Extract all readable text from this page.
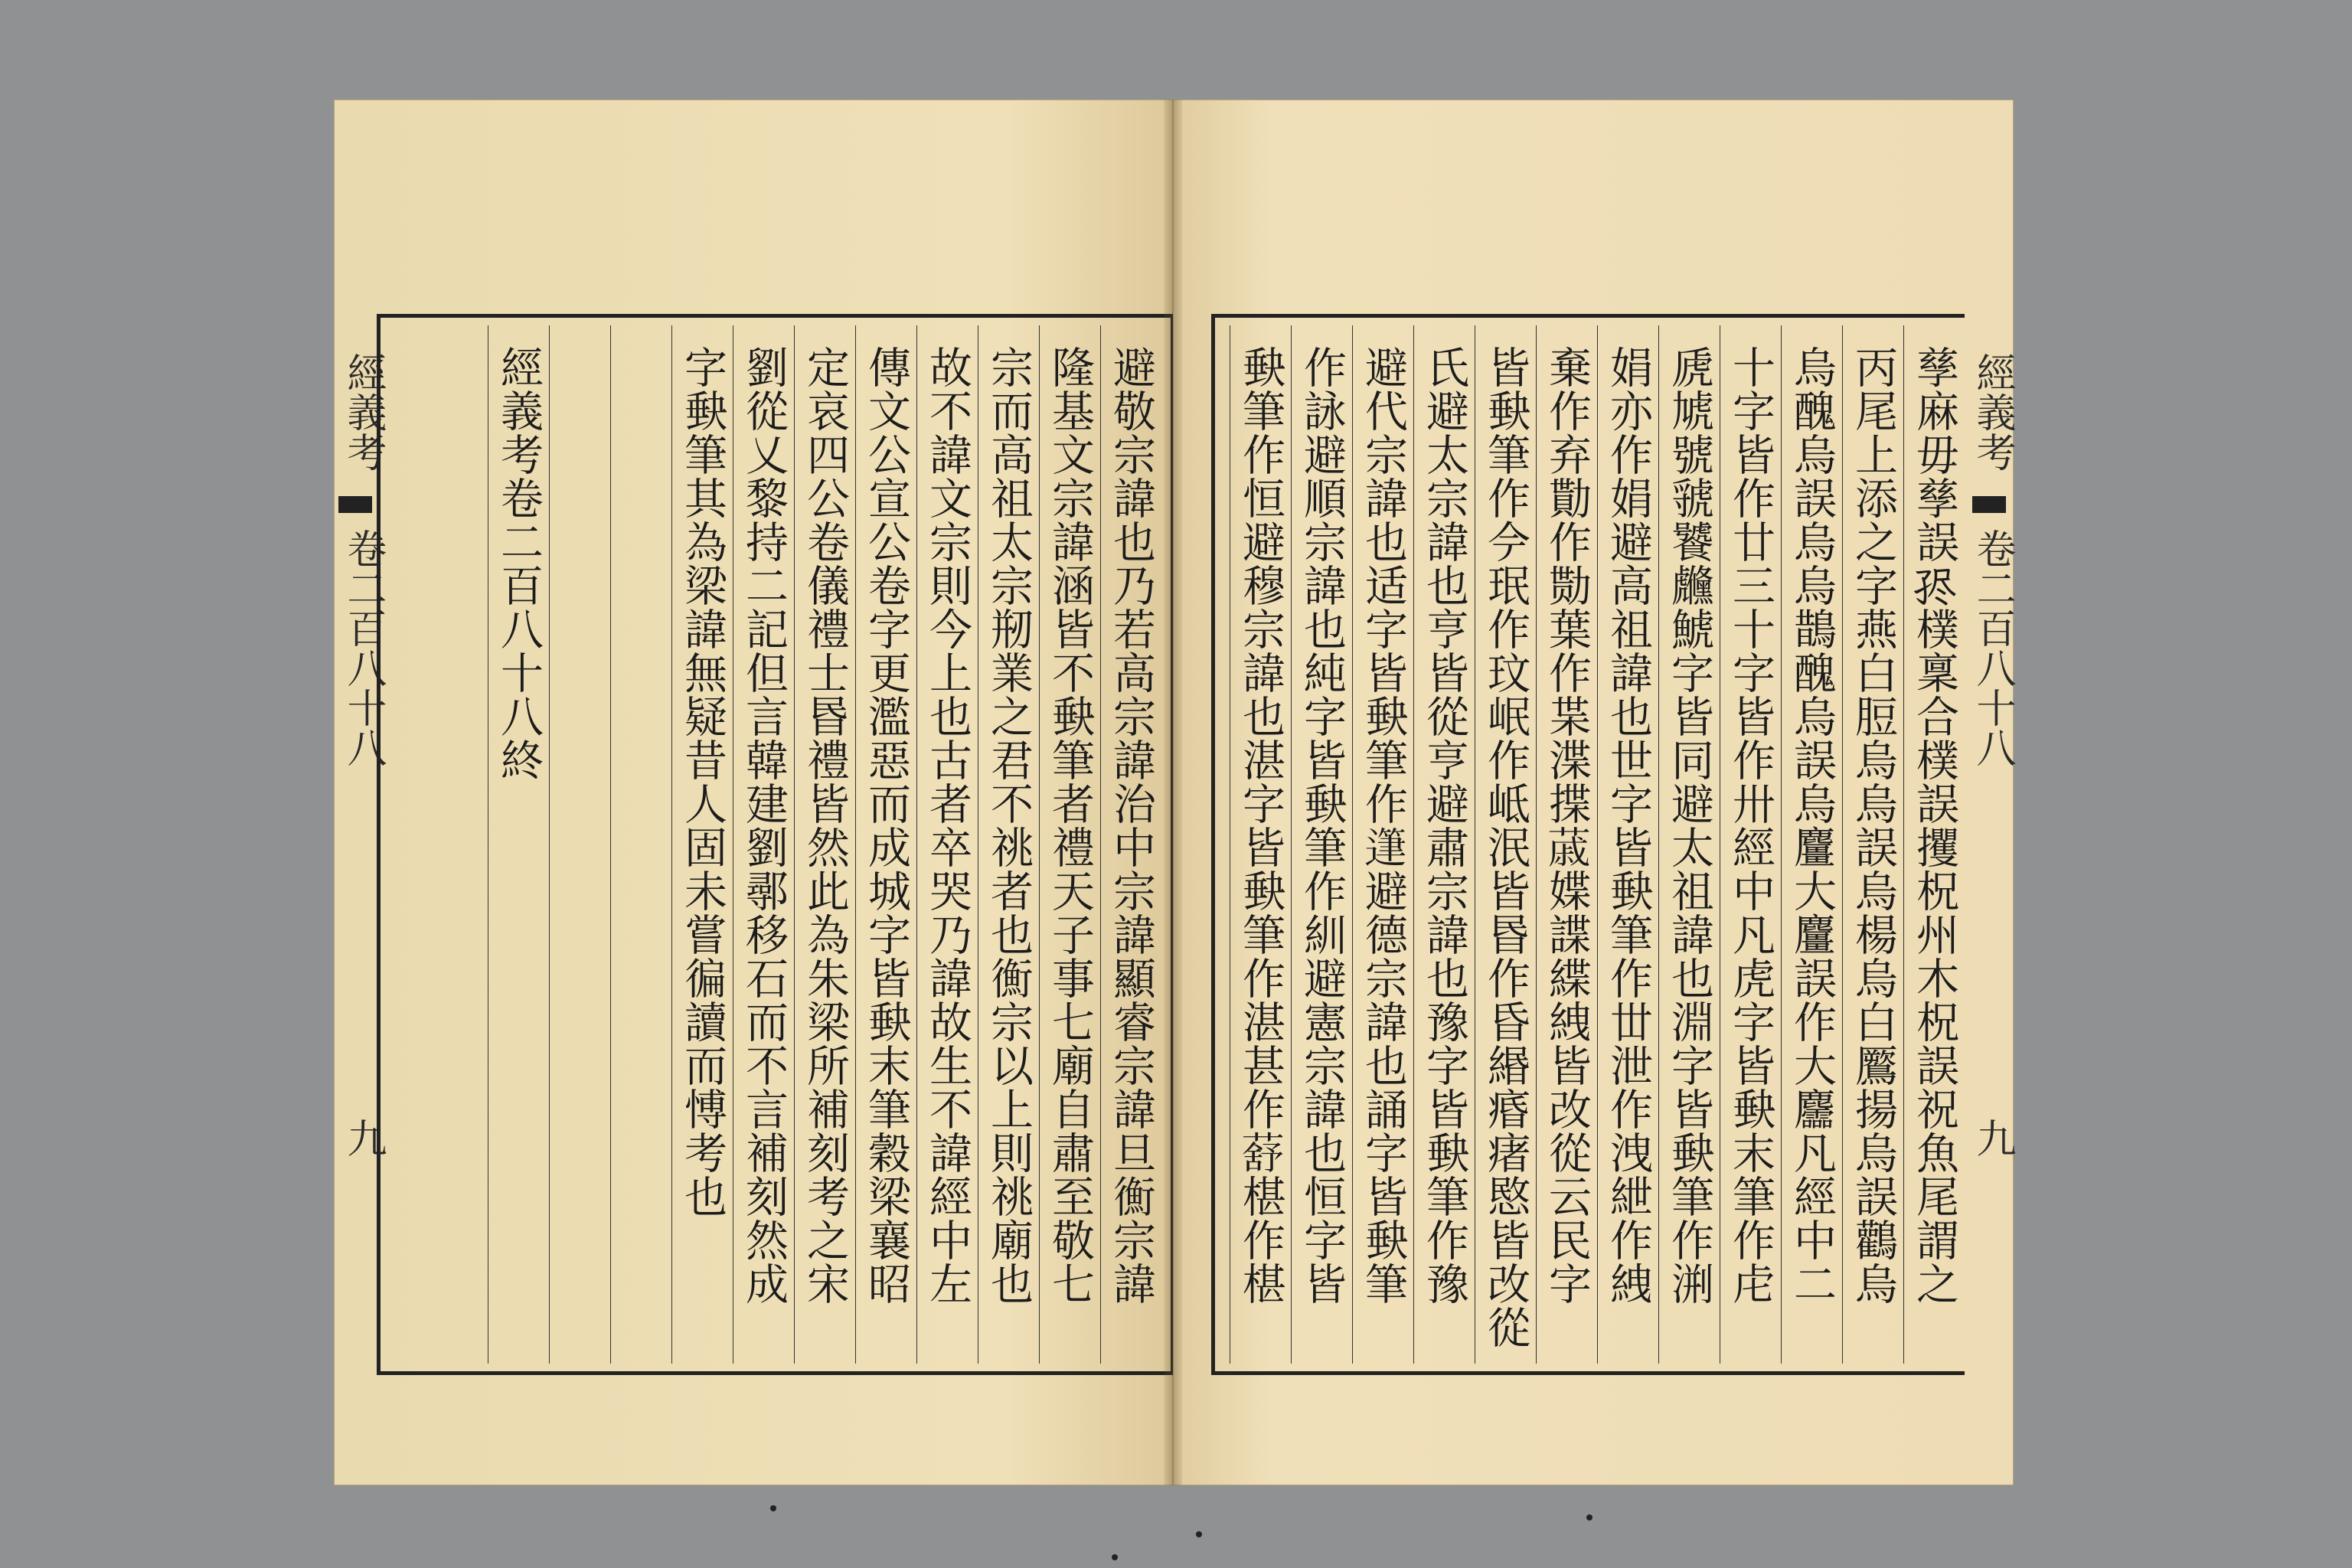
經義考
卷二百八十八
九	避敬宗諱也乃若高宗諱治中宗諱顯睿宗諱旦𢖍宗諱
隆基文宗諱涵皆不𡙇筆者禮天子事七廟自肅至敬七
宗而高祖太宗剏業之君不祧者也𢖍宗以上則祧廟也
故不諱文宗則今上也古者卒哭乃諱故生不諱經中左
傳文公宣公卷字更濫惡而成城字皆𡙇末筆穀梁襄昭
定哀四公卷儀禮士昬禮皆然此為朱梁所補刻考之宋
劉從乂黎持二記但言韓建劉鄩移石而不言補刻然成
字𡙇筆其為梁諱無疑昔人固未嘗徧讀而愽考也
經義考卷二百八十八終	孳麻毋孳誤𡥧樸稟合樸誤攫柷州木柷誤祝魚尾謂之
丙尾上添之字燕白脰烏烏誤烏楊烏白鷢揚烏誤鸛烏
烏醜烏誤烏烏鵲醜烏誤烏麠大麠誤作大麢凡經中二
十字皆作廿三十字皆作卅經中凡虎字皆𡙇末筆作虍
虒虓號虢饕虪鯱字皆同避太祖諱也淵字皆𡙇筆作渆
娟亦作娟避高祖諱也世字皆𡙇筆作丗泄作洩紲作絏
棄作弃勩作勚葉作枼渫揲𦸗媟諜緤絏皆改從云民字
皆𡙇筆作𫝆珉作玟岷作岻泯皆昬作昏緡痻瘏愍皆改從
氏避太宗諱也亨皆從亨避肅宗諱也豫字皆𡙇筆作豫
避代宗諱也适字皆𡙇筆作𨖷避德宗諱也誦字皆𡙇筆
作詠避順宗諱也純字皆𡙇筆作紃避憲宗諱也恒字皆
𡙇筆作恒避穆宗諱也湛字皆𡙇筆作湛甚作𦺗椹作椹	經義考
卷二百八十八
九
